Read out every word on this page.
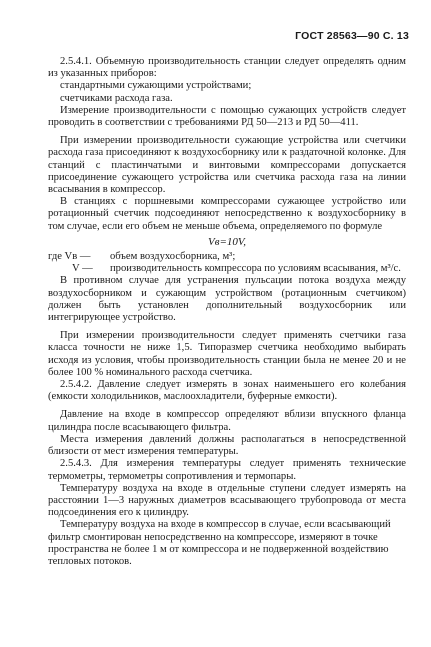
ГОСТ 28563—90 С. 13

2.5.4.1. Объемную производительность станции следует определять одним из указанных приборов:

стандартными сужающими устройствами;

счетчиками расхода газа.

Измерение производительности с помощью сужающих устройств следует проводить в соответствии с требованиями РД 50—213 и РД 50—411.

При измерении производительности сужающие устройства или счетчики расхода газа присоединяют к воздухосборнику или к раздаточной колонке. Для станций с пластинчатыми и винтовыми компрессорами допускается присоединение сужающего устройства или счетчика расхода газа на линии всасывания в компрессор.

В станциях с поршневыми компрессорами сужающее устройство или ротационный счетчик подсоединяют непосредственно к воздухосборнику в том случае, если его объем не меньше объема, определяемого по формуле

Vв=10V,

где Vв — объем воздухосборника, м³;

V — производительность компрессора по условиям всасывания, м³/с.

В противном случае для устранения пульсации потока воздуха между воздухосборником и сужающим устройством (ротационным счетчиком) должен быть установлен дополнительный воздухосборник или интегрирующее устройство.

При измерении производительности следует применять счетчики газа класса точности не ниже 1,5. Типоразмер счетчика необходимо выбирать исходя из условия, чтобы производительность станции была не менее 20 и не более 100 % номинального расхода счетчика.

2.5.4.2. Давление следует измерять в зонах наименьшего его колебания (емкости холодильников, маслоохладители, буферные емкости).

Давление на входе в компрессор определяют вблизи впускного фланца цилиндра после всасывающего фильтра.

Места измерения давлений должны располагаться в непосредственной близости от мест измерения температуры.

2.5.4.3. Для измерения температуры следует применять технические термометры, термометры сопротивления и термопары.

Температуру воздуха на входе в отдельные ступени следует измерять на расстоянии 1—3 наружных диаметров всасывающего трубопровода от места подсоединения его к цилиндру.

Температуру воздуха на входе в компрессор в случае, если всасывающий фильтр смонтирован непосредственно на компрессоре, измеряют в точке пространства не более 1 м от компрессора и не подверженной воздействию тепловых потоков.
